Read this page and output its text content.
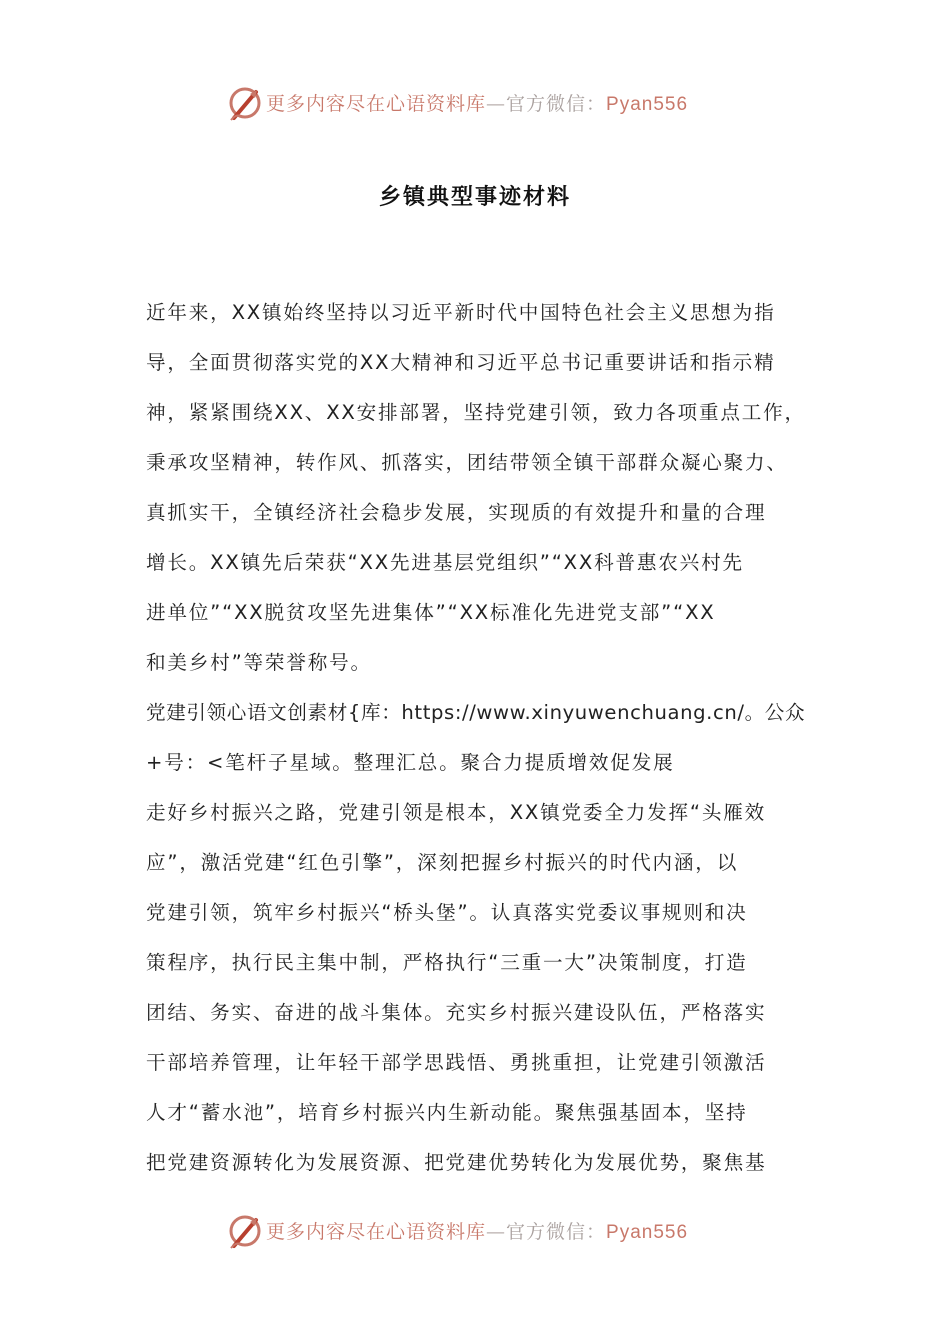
更多内容尽在心语资料库—官方微信：Pyan556
乡镇典型事迹材料
近年来，XX镇始终坚持以习近平新时代中国特色社会主义思想为指
导，全面贯彻落实党的XX大精神和习近平总书记重要讲话和指示精
神，紧紧围绕XX、XX安排部署，坚持党建引领，致力各项重点工作，
秉承攻坚精神，转作风、抓落实，团结带领全镇干部群众凝心聚力、
真抓实干，全镇经济社会稳步发展，实现质的有效提升和量的合理
增长。XX镇先后荣获“XX先进基层党组织”“XX科普惠农兴村先
进单位”“XX脱贫攻坚先进集体”“XX标准化先进党支部”“XX
和美乡村”等荣誉称号。
党建引领心语文创素材{库：https://www.xinyuwenchuang.cn/。公众
+号：<笔杆子星域。整理汇总。聚合力提质增效促发展
走好乡村振兴之路，党建引领是根本，XX镇党委全力发挥“头雁效
应”，激活党建“红色引擎”，深刻把握乡村振兴的时代内涵，以
党建引领，筑牢乡村振兴“桥头堡”。认真落实党委议事规则和决
策程序，执行民主集中制，严格执行“三重一大”决策制度，打造
团结、务实、奋进的战斗集体。充实乡村振兴建设队伍，严格落实
干部培养管理，让年轻干部学思践悟、勇挑重担，让党建引领激活
人才“蓄水池”，培育乡村振兴内生新动能。聚焦强基固本，坚持
把党建资源转化为发展资源、把党建优势转化为发展优势，聚焦基
更多内容尽在心语资料库—官方微信：Pyan556
